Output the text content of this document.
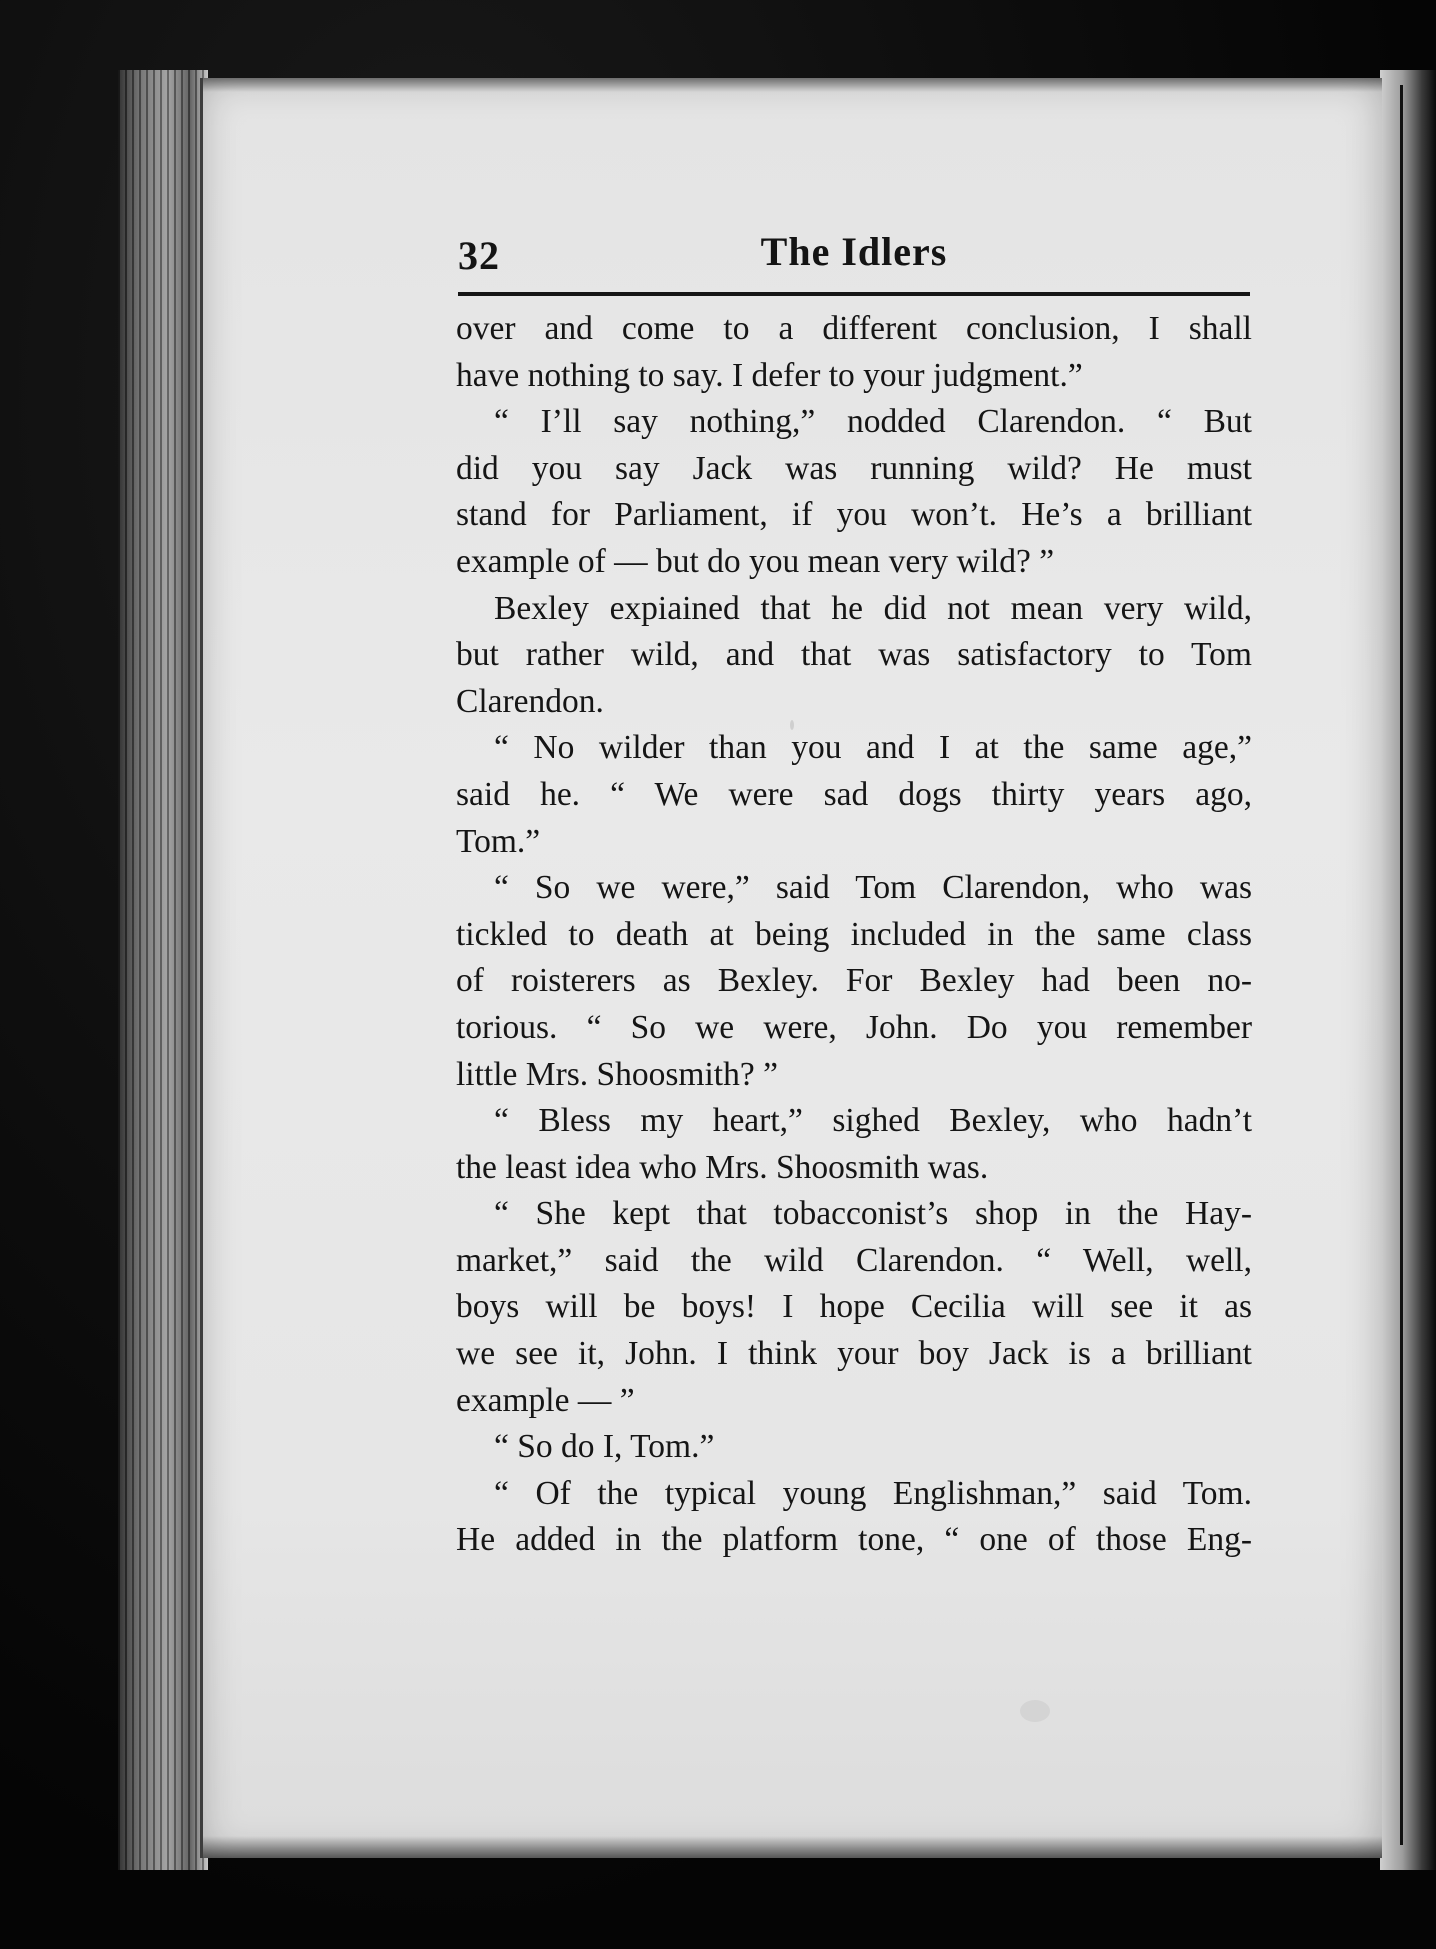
32	The Idlers
over and come to a different conclusion, I shall
have nothing to say. I defer to your judgment.”
“ I’ll say nothing,” nodded Clarendon. “ But
did you say Jack was running wild? He must
stand for Parliament, if you won’t. He’s a brilliant
example of — but do you mean very wild? ”
Bexley expiained that he did not mean very wild,
but rather wild, and that was satisfactory to Tom
Clarendon.
“ No wilder than you and I at the same age,”
said he. “ We were sad dogs thirty years ago,
Tom.”
“ So we were,” said Tom Clarendon, who was
tickled to death at being included in the same class
of roisterers as Bexley. For Bexley had been no-
torious. “ So we were, John. Do you remember
little Mrs. Shoosmith? ”
“ Bless my heart,” sighed Bexley, who hadn’t
the least idea who Mrs. Shoosmith was.
“ She kept that tobacconist’s shop in the Hay-
market,” said the wild Clarendon. “ Well, well,
boys will be boys! I hope Cecilia will see it as
we see it, John. I think your boy Jack is a brilliant
example — ”
“ So do I, Tom.”
“ Of the typical young Englishman,” said Tom.
He added in the platform tone, “ one of those Eng-
